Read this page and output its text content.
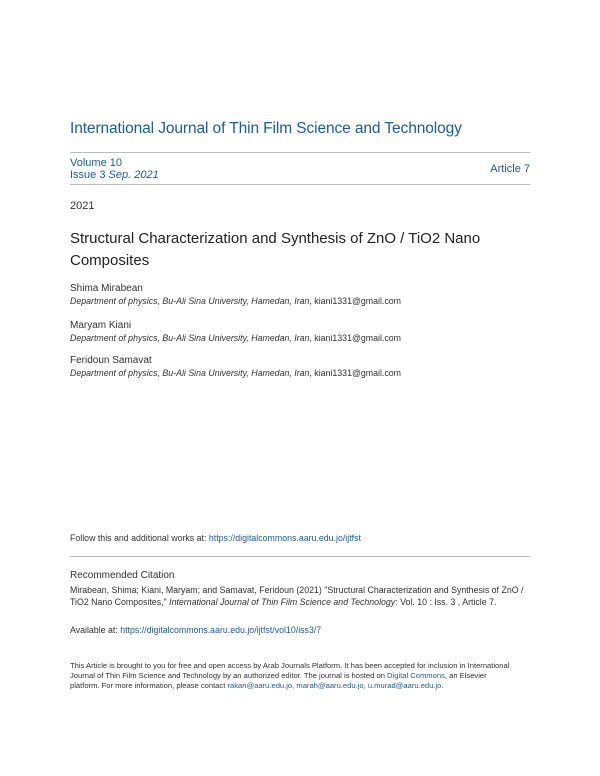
International Journal of Thin Film Science and Technology
Volume 10
Issue 3 Sep. 2021	Article 7
2021
Structural Characterization and Synthesis of ZnO / TiO2 Nano Composites
Shima Mirabean
Department of physics, Bu-Ali Sina University, Hamedan, Iran, kiani1331@gmail.com
Maryam Kiani
Department of physics, Bu-Ali Sina University, Hamedan, Iran, kiani1331@gmail.com
Feridoun Samavat
Department of physics, Bu-Ali Sina University, Hamedan, Iran, kiani1331@gmail.com
Follow this and additional works at: https://digitalcommons.aaru.edu.jo/ijtfst
Recommended Citation
Mirabean, Shima; Kiani, Maryam; and Samavat, Feridoun (2021) "Structural Characterization and Synthesis of ZnO / TiO2 Nano Composites," International Journal of Thin Film Science and Technology: Vol. 10 : Iss. 3 , Article 7.
Available at: https://digitalcommons.aaru.edu.jo/ijtfst/vol10/iss3/7
This Article is brought to you for free and open access by Arab Journals Platform. It has been accepted for inclusion in International Journal of Thin Film Science and Technology by an authorized editor. The journal is hosted on Digital Commons, an Elsevier platform. For more information, please contact rakan@aaru.edu.jo, marah@aaru.edu.jo, u.murad@aaru.edu.jo.
